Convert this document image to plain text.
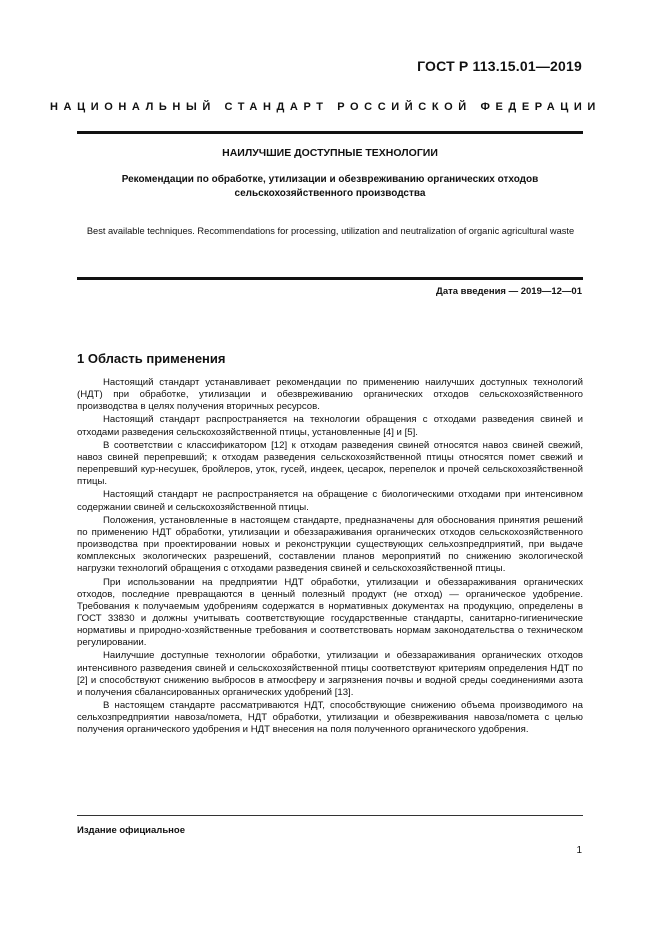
ГОСТ Р 113.15.01—2019
НАЦИОНАЛЬНЫЙ СТАНДАРТ РОССИЙСКОЙ ФЕДЕРАЦИИ
НАИЛУЧШИЕ ДОСТУПНЫЕ ТЕХНОЛОГИИ
Рекомендации по обработке, утилизации и обезвреживанию органических отходов сельскохозяйственного производства
Best available techniques. Recommendations for processing, utilization and neutralization of organic agricultural waste
Дата введения — 2019—12—01
1 Область применения

Настоящий стандарт устанавливает рекомендации по применению наилучших доступных технологий (НДТ) при обработке, утилизации и обезвреживанию органических отходов сельскохозяйственного производства в целях получения вторичных ресурсов.

Настоящий стандарт распространяется на технологии обращения с отходами разведения свиней и отходами разведения сельскохозяйственной птицы, установленные [4] и [5].

В соответствии с классификатором [12] к отходам разведения свиней относятся навоз свиней свежий, навоз свиней перепревший; к отходам разведения сельскохозяйственной птицы относятся помет свежий и перепревший кур-несушек, бройлеров, уток, гусей, индеек, цесарок, перепелок и прочей сельскохозяйственной птицы.

Настоящий стандарт не распространяется на обращение с биологическими отходами при интенсивном содержании свиней и сельскохозяйственной птицы.

Положения, установленные в настоящем стандарте, предназначены для обоснования принятия решений по применению НДТ обработки, утилизации и обеззараживания органических отходов сельскохозяйственного производства при проектировании новых и реконструкции существующих сельхозпредприятий, при выдаче комплексных экологических разрешений, составлении планов мероприятий по снижению экологической нагрузки технологий обращения с отходами разведения свиней и сельскохозяйственной птицы.

При использовании на предприятии НДТ обработки, утилизации и обеззараживания органических отходов, последние превращаются в ценный полезный продукт (не отход) — органическое удобрение. Требования к получаемым удобрениям содержатся в нормативных документах на продукцию, определены в ГОСТ 33830 и должны учитывать соответствующие государственные стандарты, санитарно-гигиенические нормативы и природно-хозяйственные требования и соответствовать нормам законодательства о техническом регулировании.

Наилучшие доступные технологии обработки, утилизации и обеззараживания органических отходов интенсивного разведения свиней и сельскохозяйственной птицы соответствуют критериям определения НДТ по [2] и способствуют снижению выбросов в атмосферу и загрязнения почвы и водной среды соединениями азота и получения сбалансированных органических удобрений [13].

В настоящем стандарте рассматриваются НДТ, способствующие снижению объема производимого на сельхозпредприятии навоза/помета, НДТ обработки, утилизации и обезвреживания навоза/помета с целью получения органического удобрения и НДТ внесения на поля полученного органического удобрения.

Издание официальное
1
